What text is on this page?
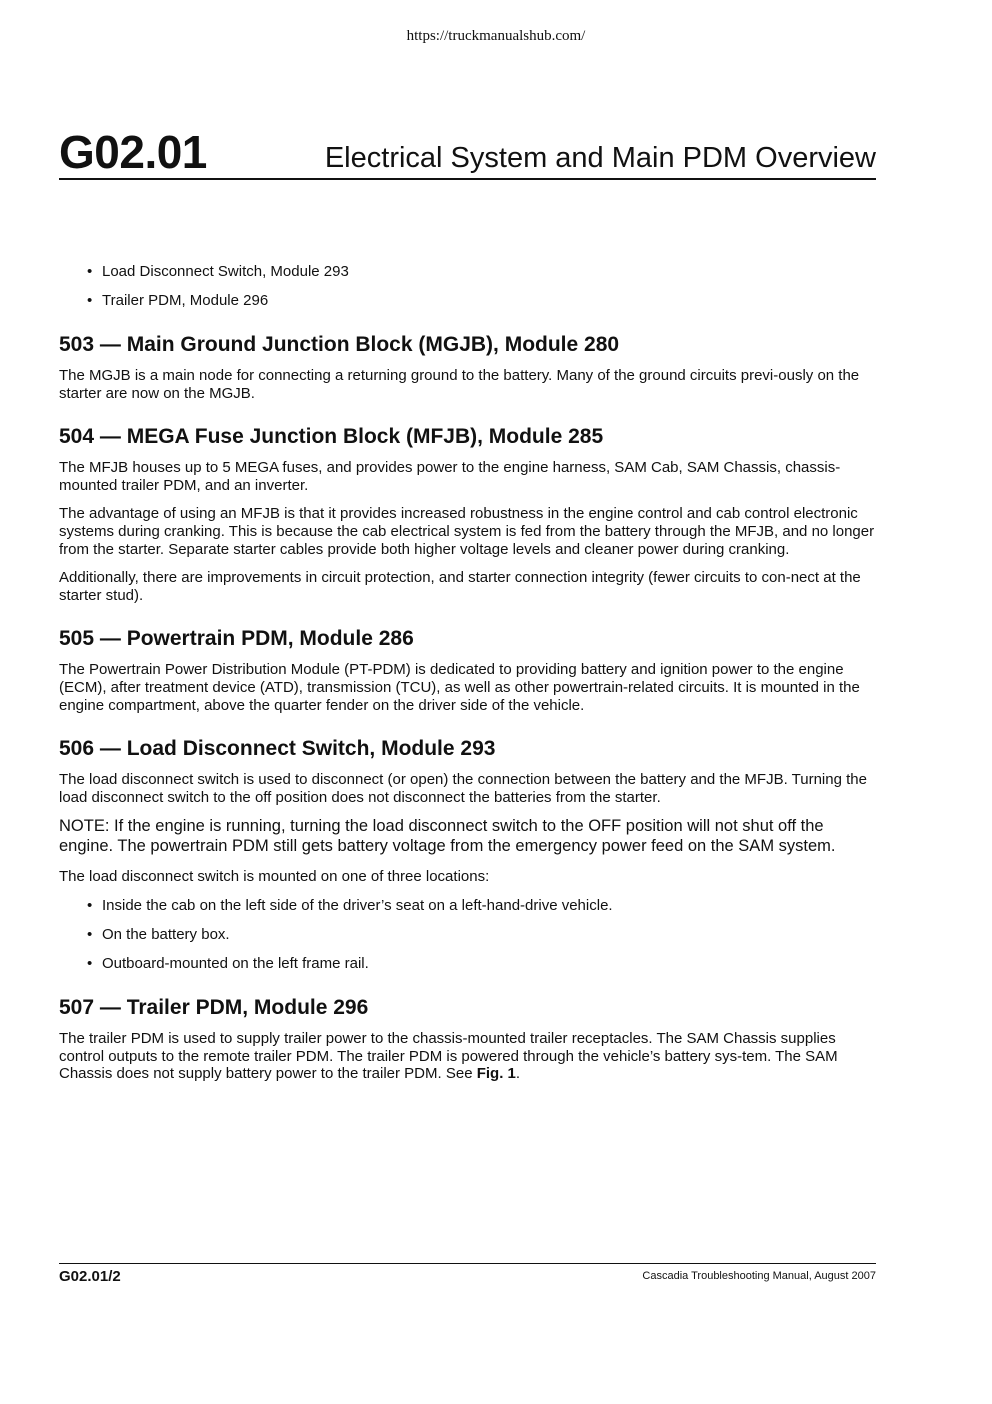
https://truckmanualshub.com/
G02.01	Electrical System and Main PDM Overview
• Load Disconnect Switch, Module 293
• Trailer PDM, Module 296
503 — Main Ground Junction Block (MGJB), Module 280

The MGJB is a main node for connecting a returning ground to the battery. Many of the ground circuits previ-ously on the starter are now on the MGJB.

504 — MEGA Fuse Junction Block (MFJB), Module 285

The MFJB houses up to 5 MEGA fuses, and provides power to the engine harness, SAM Cab, SAM Chassis, chassis-mounted trailer PDM, and an inverter.

The advantage of using an MFJB is that it provides increased robustness in the engine control and cab control electronic systems during cranking. This is because the cab electrical system is fed from the battery through the MFJB, and no longer from the starter. Separate starter cables provide both higher voltage levels and cleaner power during cranking.

Additionally, there are improvements in circuit protection, and starter connection integrity (fewer circuits to con-nect at the starter stud).

505 — Powertrain PDM, Module 286

The Powertrain Power Distribution Module (PT-PDM) is dedicated to providing battery and ignition power to the engine (ECM), after treatment device (ATD), transmission (TCU), as well as other powertrain-related circuits. It is mounted in the engine compartment, above the quarter fender on the driver side of the vehicle.

506 — Load Disconnect Switch, Module 293

The load disconnect switch is used to disconnect (or open) the connection between the battery and the MFJB. Turning the load disconnect switch to the off position does not disconnect the batteries from the starter.

NOTE: If the engine is running, turning the load disconnect switch to the OFF position will not shut off the engine. The powertrain PDM still gets battery voltage from the emergency power feed on the SAM system.

The load disconnect switch is mounted on one of three locations:

• Inside the cab on the left side of the driver’s seat on a left-hand-drive vehicle.
• On the battery box.
• Outboard-mounted on the left frame rail.
507 — Trailer PDM, Module 296

The trailer PDM is used to supply trailer power to the chassis-mounted trailer receptacles. The SAM Chassis supplies control outputs to the remote trailer PDM. The trailer PDM is powered through the vehicle’s battery sys-tem. The SAM Chassis does not supply battery power to the trailer PDM. See Fig. 1.

G02.01/2	Cascadia Troubleshooting Manual, August 2007
